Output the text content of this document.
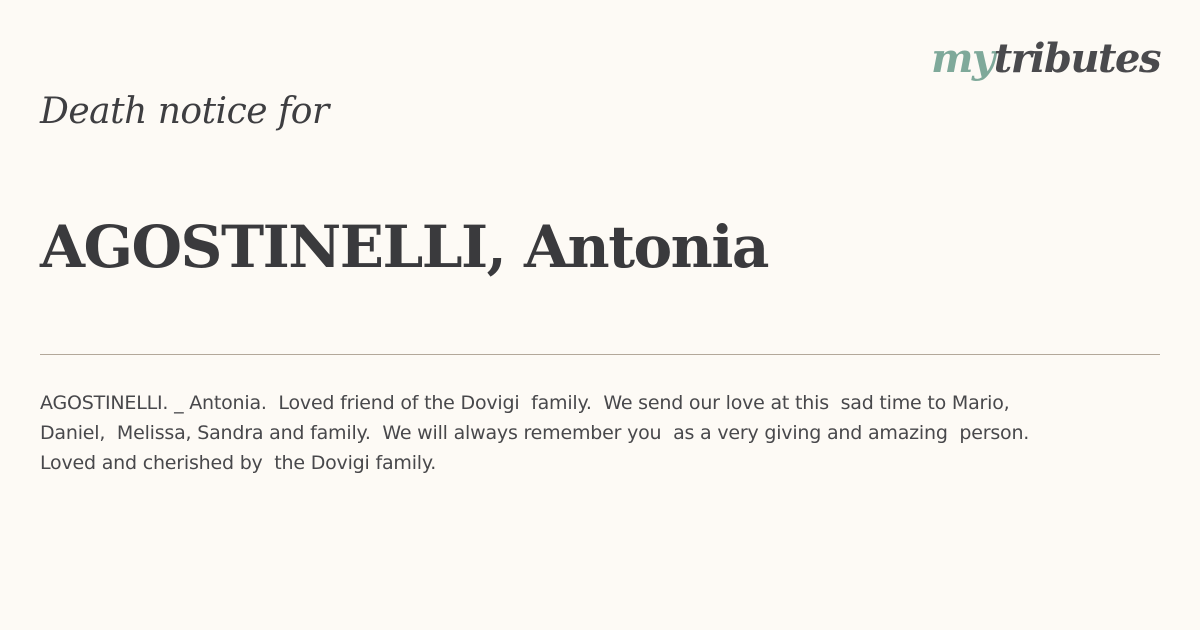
mytributes
Death notice for
AGOSTINELLI, Antonia

AGOSTINELLI. _ Antonia.  Loved friend of the Dovigi  family.  We send our love at this  sad time to Mario,
Daniel,  Melissa, Sandra and family.  We will always remember you  as a very giving and amazing  person.
Loved and cherished by  the Dovigi family.
